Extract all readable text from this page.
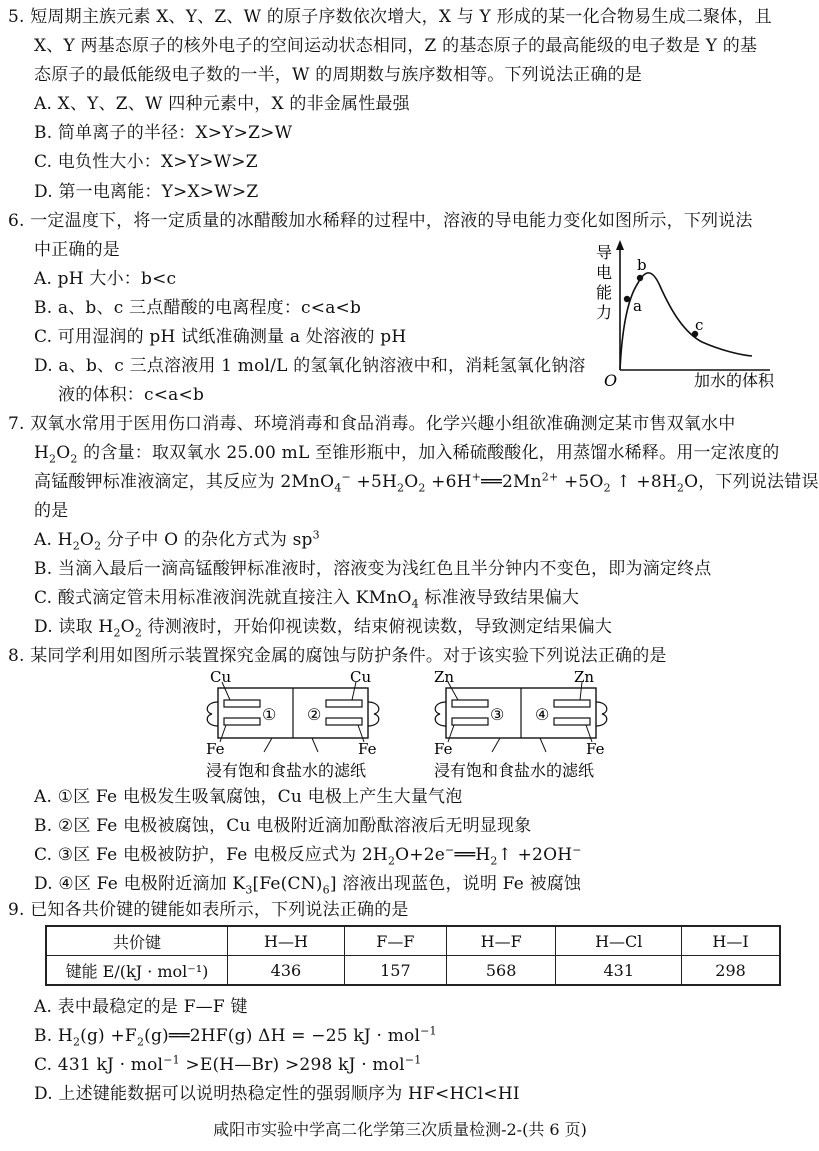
5. 短周期主族元素 X、Y、Z、W 的原子序数依次增大，X 与 Y 形成的某一化合物易生成二聚体，且
X、Y 两基态原子的核外电子的空间运动状态相同，Z 的基态原子的最高能级的电子数是 Y 的基
态原子的最低能级电子数的一半，W 的周期数与族序数相等。下列说法正确的是
A. X、Y、Z、W 四种元素中，X 的非金属性最强
B. 简单离子的半径：X>Y>Z>W
C. 电负性大小：X>Y>W>Z
D. 第一电离能：Y>X>W>Z
6. 一定温度下，将一定质量的冰醋酸加水稀释的过程中，溶液的导电能力变化如图所示，下列说法
中正确的是
A. pH 大小：b<c
B. a、b、c 三点醋酸的电离程度：c<a<b
C. 可用湿润的 pH 试纸准确测量 a 处溶液的 pH
D. a、b、c 三点溶液用 1 mol/L 的氢氧化钠溶液中和，消耗氢氧化钠溶
液的体积：c<a<b
a
b
c
导
电
能
力
O	加水的体积
7. 双氧水常用于医用伤口消毒、环境消毒和食品消毒。化学兴趣小组欲准确测定某市售双氧水中
$H_2O_2$ 的含量：取双氧水 25.00 mL 至锥形瓶中，加入稀硫酸酸化，用蒸馏水稀释。用一定浓度的
高锰酸钾标准液滴定，其反应为 $2MnO_4^- +5H_2O_2$ $+6H^+══2Mn^{2+} +5O_2$ ↑ $+8H_2O$，下列说法错误
的是
A. $H_2O_2$ 分子中 O 的杂化方式为 $sp^3$
B. 当滴入最后一滴高锰酸钾标准液时，溶液变为浅红色且半分钟内不变色，即为滴定终点
C. 酸式滴定管未用标准液润洗就直接注入 KMnO$_4$ 标准液导致结果偏大
D. 读取 $H_2O_2$ 待测液时，开始仰视读数，结束俯视读数，导致测定结果偏大
8. 某同学利用如图所示装置探究金属的腐蚀与防护条件。对于该实验下列说法正确的是
Cu	Cu
① ②
Fe	Fe
浸有饱和食盐水的滤纸
Zn	Zn
③ ④
Fe	Fe
浸有饱和食盐水的滤纸
A. ①区 Fe 电极发生吸氧腐蚀，Cu 电极上产生大量气泡
B. ②区 Fe 电极被腐蚀，Cu 电极附近滴加酚酞溶液后无明显现象
C. ③区 Fe 电极被防护，Fe 电极反应式为 $2H_2O+2e^-══H_2↑ +2OH^-$
D. ④区 Fe 电极附近滴加 $K_3[Fe(CN)_6]$ 溶液出现蓝色，说明 Fe 被腐蚀
9. 已知各共价键的键能如表所示，下列说法正确的是
共价键	H—H	F—F	H—F	H—Cl	H—I
键能 E/(kJ · mol⁻¹)	436	157	568	431	298
A. 表中最稳定的是 F—F 键
B. $H_2(g)$ $+F_2(g)══2HF(g) \Delta H = -25$ kJ · mol$^{-1}$
C. 431 kJ · mol$^{-1}$ >E(H—Br) >298 kJ · mol$^{-1}$
D. 上述键能数据可以说明热稳定性的强弱顺序为 HF<HCl<HI
咸阳市实验中学高二化学第三次质量检测-2-(共 6 页)
